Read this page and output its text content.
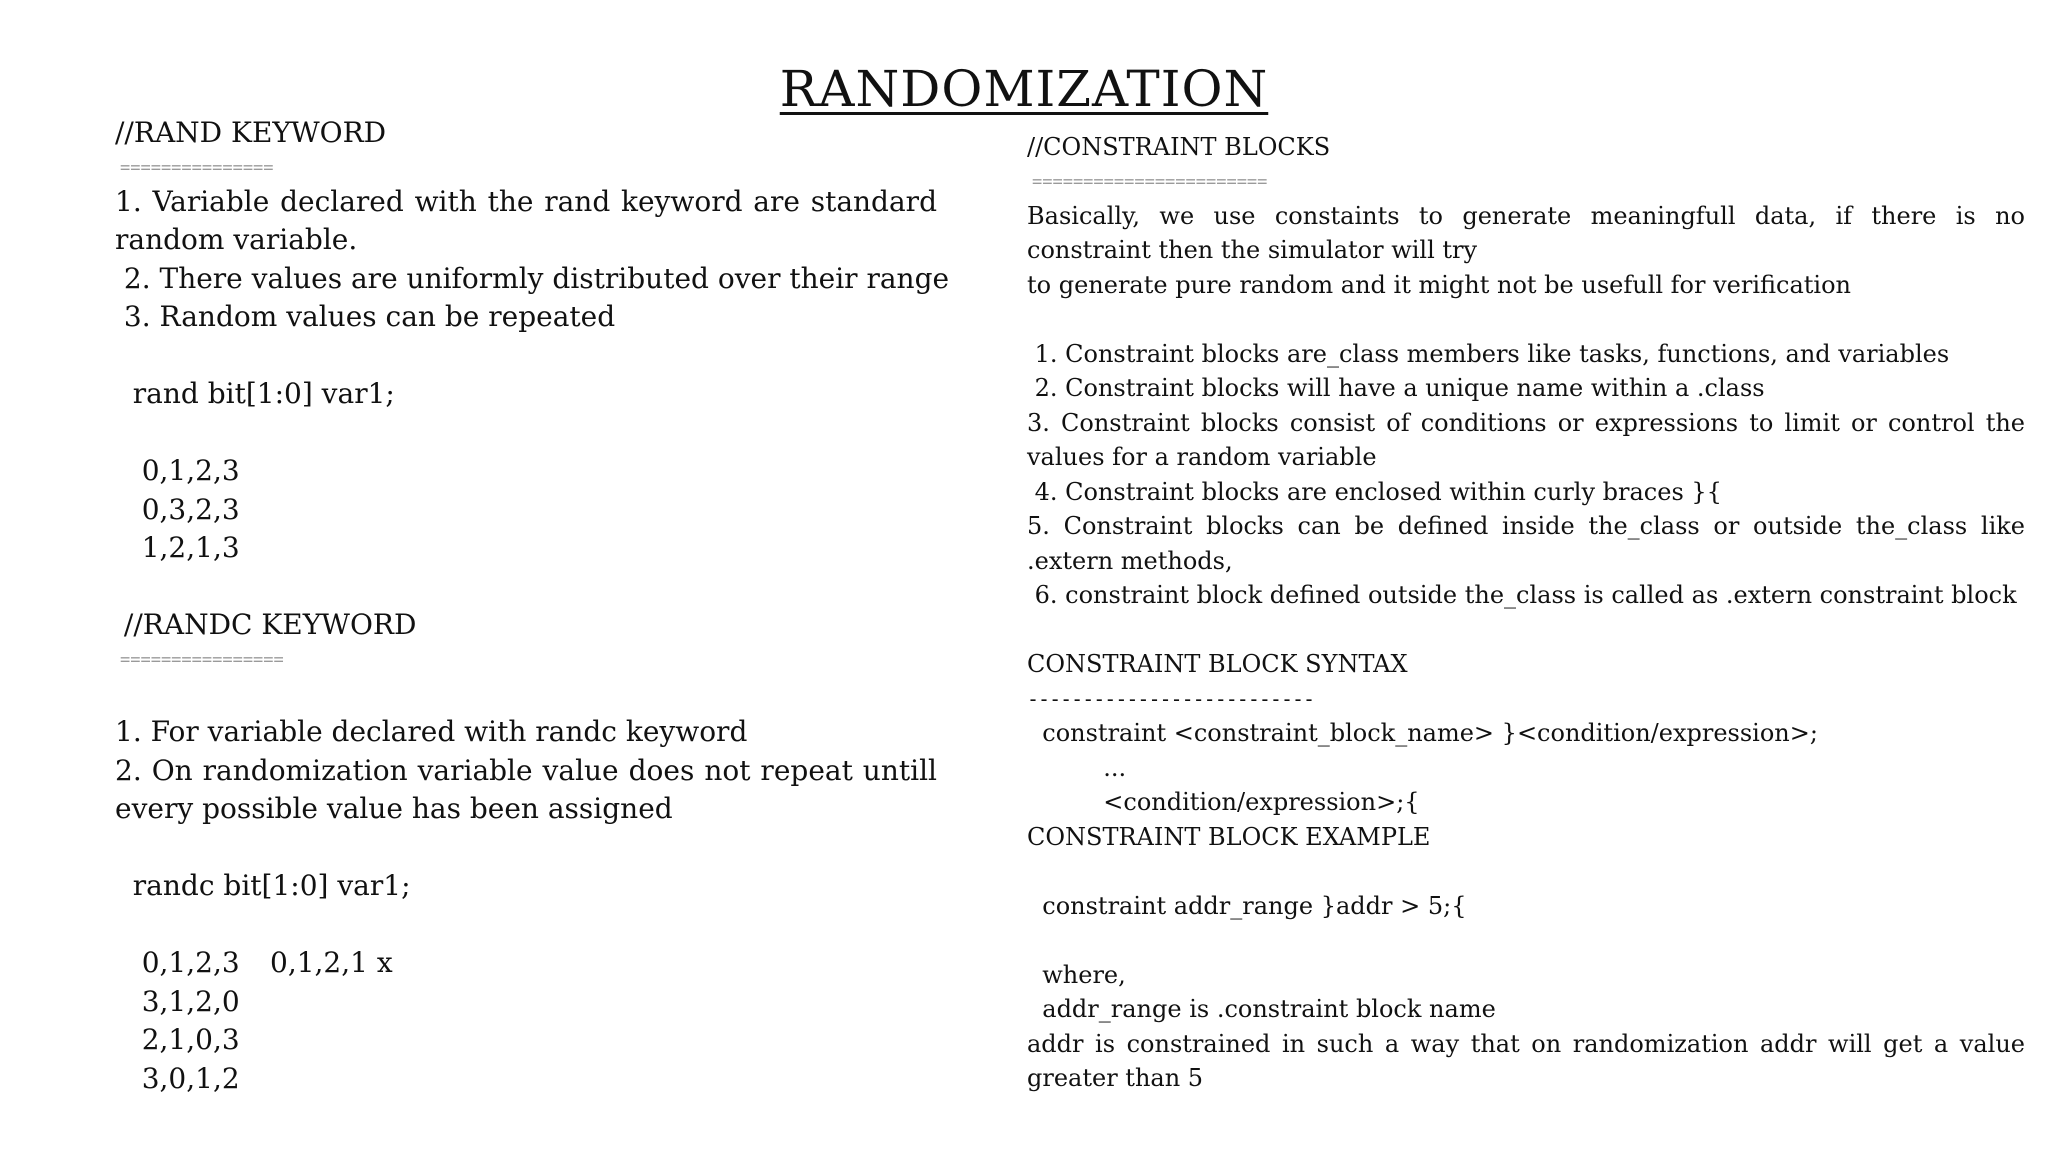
RANDOMIZATION
//RAND KEYWORD
===============
1. Variable declared with the rand keyword are standard random variable.
2. There values are uniformly distributed over their range
3. Random values can be repeated
rand bit[1:0] var1;
0,1,2,3
0,3,2,3
1,2,1,3
//RANDC KEYWORD
================
1. For variable declared with randc keyword
2. On randomization variable value does not repeat untill every possible value has been assigned
randc bit[1:0] var1;
0,1,2,3	0,1,2,1 x
3,1,2,0
2,1,0,3
3,0,1,2
//CONSTRAINT BLOCKS
=======================
Basically, we use constaints to generate meaningfull data, if there is no constraint then the simulator will try
to generate pure random and it might not be usefull for verification
1. Constraint blocks are_class members like tasks, functions, and variables
2. Constraint blocks will have a unique name within a .class
3. Constraint blocks consist of conditions or expressions to limit or control the values for a random variable
4. Constraint blocks are enclosed within curly braces }{
5. Constraint blocks can be defined inside the_class or outside the_class like .extern methods,
6. constraint block defined outside the_class is called as .extern constraint block
CONSTRAINT BLOCK SYNTAX
--------------------------
constraint <constraint_block_name> }<condition/expression>;
...
<condition/expression>;{
CONSTRAINT BLOCK EXAMPLE
constraint addr_range }addr > 5;{
where,
addr_range is .constraint block name
addr is constrained in such a way that on randomization addr will get a value greater than 5
